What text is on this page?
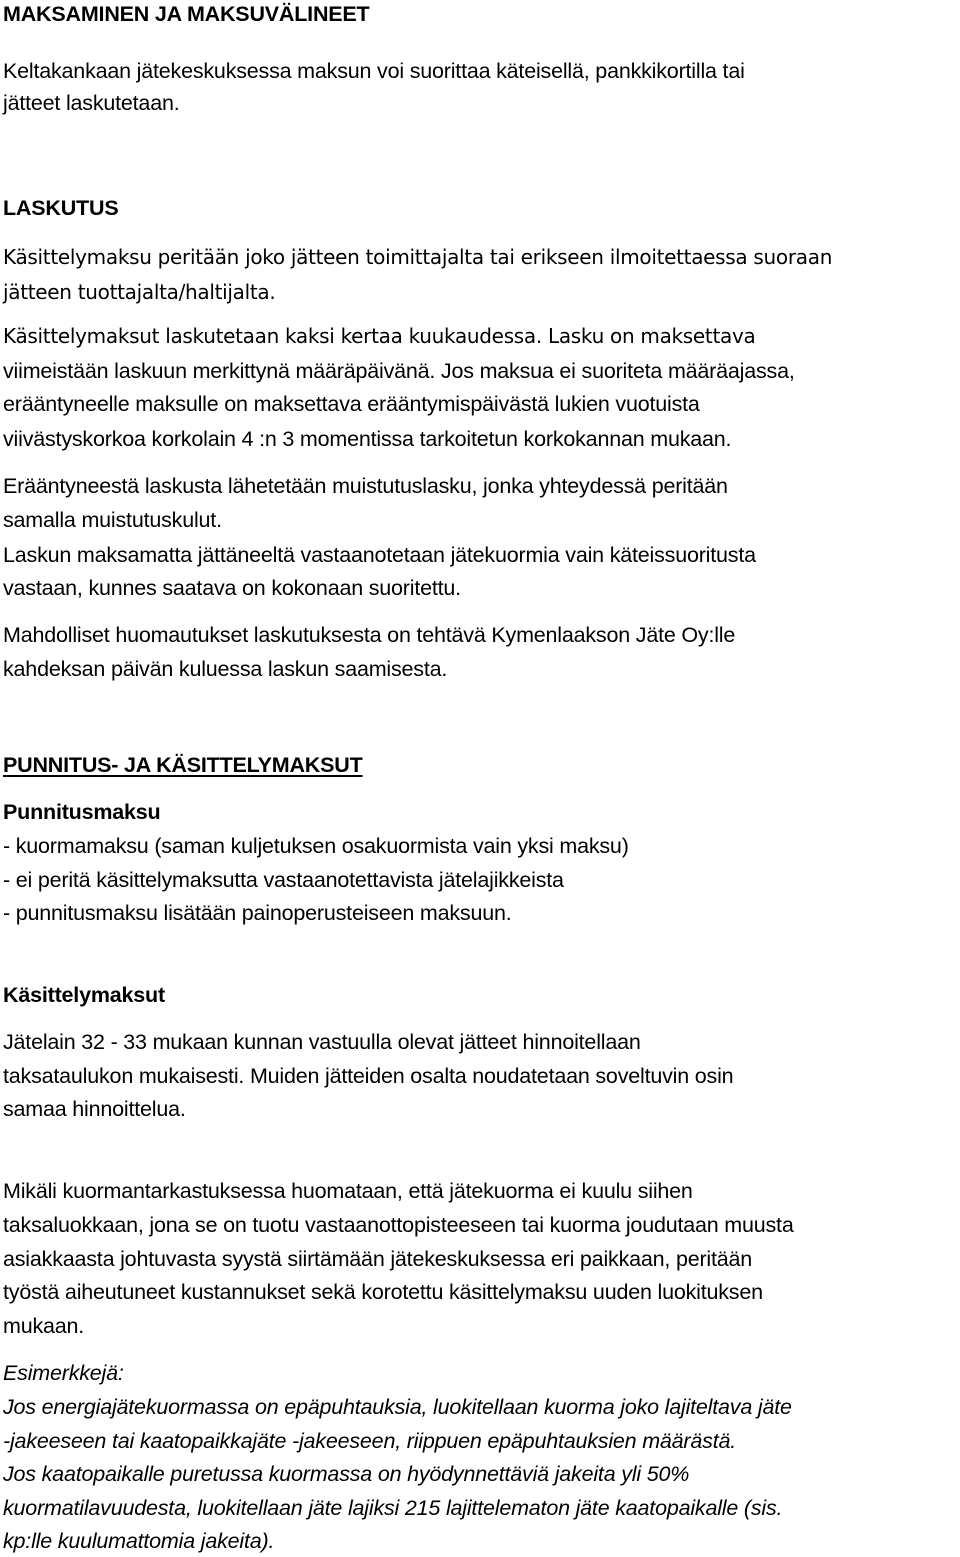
MAKSAMINEN JA MAKSUVÄLINEET

Keltakankaan jätekeskuksessa maksun voi suorittaa käteisellä, pankkikortilla tai

jätteet laskutetaan.

LASKUTUS

Käsittelymaksu peritään joko jätteen toimittajalta tai erikseen ilmoitettaessa suoraan

jätteen tuottajalta/haltijalta.

Käsittelymaksut laskutetaan kaksi kertaa kuukaudessa. Lasku on maksettava

viimeistään laskuun merkittynä määräpäivänä. Jos maksua ei suoriteta määräajassa,

erääntyneelle maksulle on maksettava erääntymispäivästä lukien vuotuista

viivästyskorkoa korkolain 4 :n 3 momentissa tarkoitetun korkokannan mukaan.

Erääntyneestä laskusta lähetetään muistutuslasku, jonka yhteydessä peritään

samalla muistutuskulut.

Laskun maksamatta jättäneeltä vastaanotetaan jätekuormia vain käteissuoritusta

vastaan, kunnes saatava on kokonaan suoritettu.

Mahdolliset huomautukset laskutuksesta on tehtävä Kymenlaakson Jäte Oy:lle

kahdeksan päivän kuluessa laskun saamisesta.

PUNNITUS- JA KÄSITTELYMAKSUT

Punnitusmaksu

- kuormamaksu (saman kuljetuksen osakuormista vain yksi maksu)

- ei peritä käsittelymaksutta vastaanotettavista jätelajikkeista

- punnitusmaksu lisätään painoperusteiseen maksuun.

Käsittelymaksut

Jätelain 32 - 33 mukaan kunnan vastuulla olevat jätteet hinnoitellaan

taksataulukon mukaisesti. Muiden jätteiden osalta noudatetaan soveltuvin osin

samaa hinnoittelua.

Mikäli kuormantarkastuksessa huomataan, että jätekuorma ei kuulu siihen

taksaluokkaan, jona se on tuotu vastaanottopisteeseen tai kuorma joudutaan muusta

asiakkaasta johtuvasta syystä siirtämään jätekeskuksessa eri paikkaan, peritään

työstä aiheutuneet kustannukset sekä korotettu käsittelymaksu uuden luokituksen

mukaan.

Esimerkkejä:

Jos energiajätekuormassa on epäpuhtauksia, luokitellaan kuorma joko lajiteltava jäte

-jakeeseen tai kaatopaikkajäte -jakeeseen, riippuen epäpuhtauksien määrästä.

Jos kaatopaikalle puretussa kuormassa on hyödynnettäviä jakeita yli 50%

kuormatilavuudesta, luokitellaan jäte lajiksi 215 lajittelematon jäte kaatopaikalle (sis.

kp:lle kuulumattomia jakeita).
